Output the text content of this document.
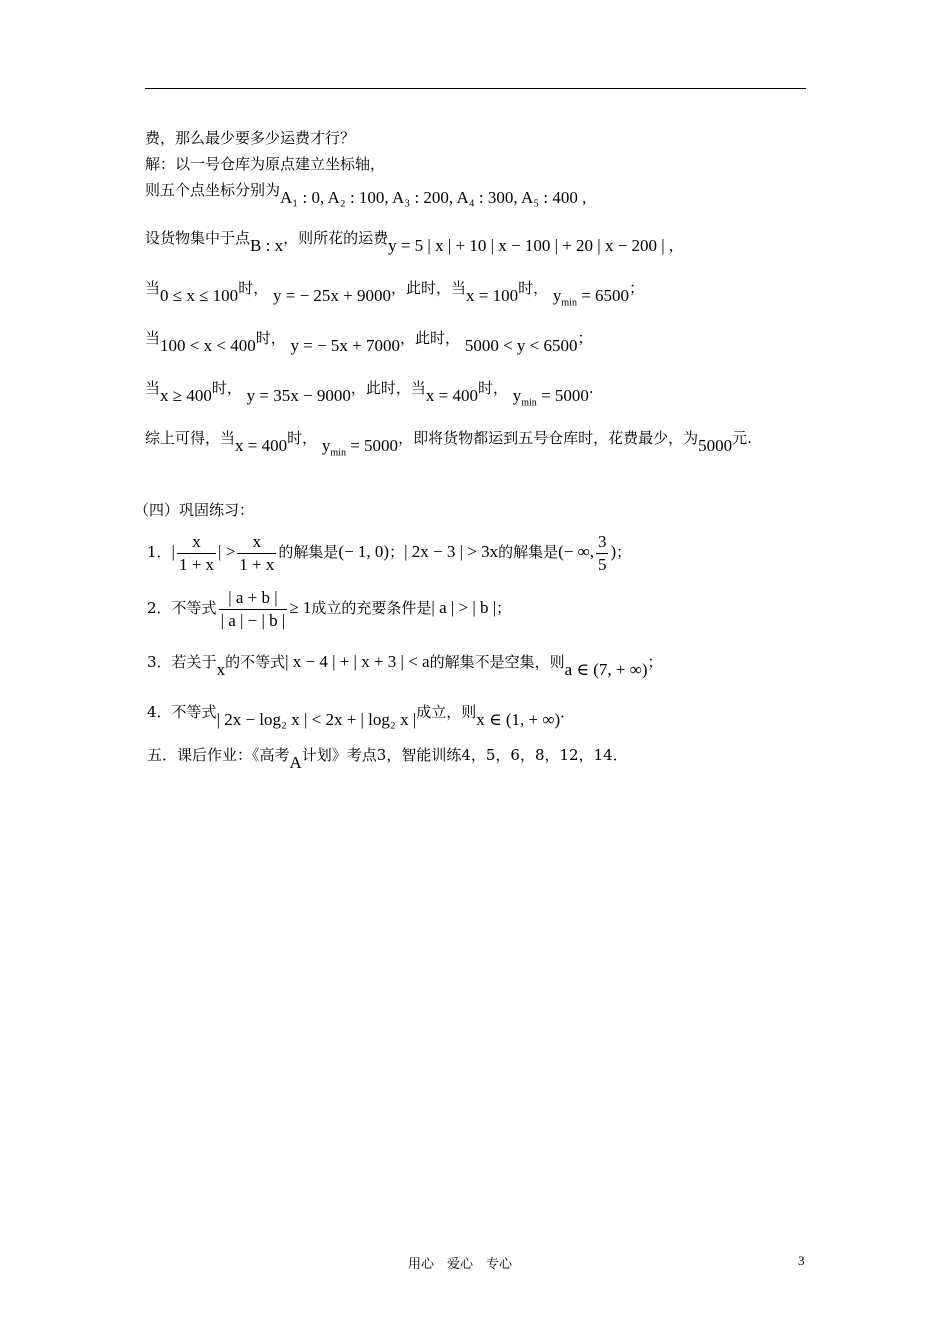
费，那么最少要多少运费才行？
解：以一号仓库为原点建立坐标轴，
则五个点坐标分别为A₁ : 0, A₂ : 100, A₃ : 200, A₄ : 300, A₅ : 400 ,
设货物集中于点B : x，则所花的运费y = 5 | x | + 10 | x − 100 | + 20 | x − 200 | ,
当0 ≤ x ≤ 100时， y = − 25x + 9000，此时，当x = 100时， $y_{min} = 6500$；
当100 < x < 400时， y = − 5x + 7000，此时， 5000 < y < 6500；
当x ≥ 400时， y = 35x − 9000，此时，当x = 400时， $y_{min} = 5000$.
综上可得，当x = 400时， $y_{min} = 5000$，即将货物都运到五号仓库时，花费最少，为5000元.
（四）巩固练习：
1．| $\frac{x}{1 + x}$ | > $\frac{x}{1 + x}$ 的解集是(− 1, 0)；| 2x − 3 | > 3x的解集是(− ∞, $\frac{3}{5}$ )；
2．不等式 $\frac{| a + b |}{| a | - | b |} \ge 1$成立的充要条件是| a | > | b |；
3．若关于x的不等式| x − 4 | + | x + 3 | < a的解集不是空集，则a ∈ (7, + ∞)；
4．不等式| 2x − log₂ x | < 2x + | log₂ x |成立，则x ∈ (1, + ∞)．
五．课后作业：《高考A计划》考点3，智能训练4，5，6，8，12，14．
用心　爱心　专心	3
